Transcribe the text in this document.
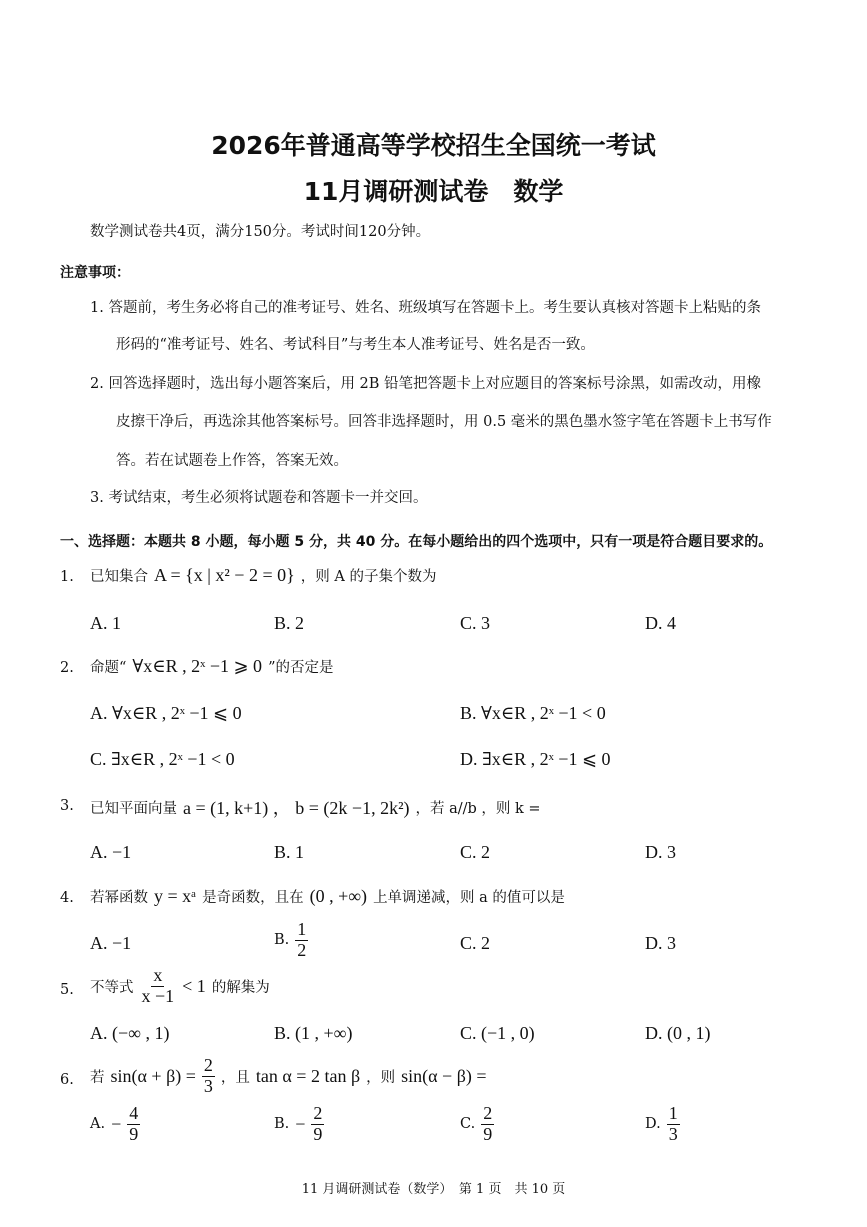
2026年普通高等学校招生全国统一考试
11月调研测试卷　数学
数学测试卷共4页，满分150分。考试时间120分钟。
注意事项：
1. 答题前，考生务必将自己的准考证号、姓名、班级填写在答题卡上。考生要认真核对答题卡上粘贴的条
形码的“准考证号、姓名、考试科目”与考生本人准考证号、姓名是否一致。
2. 回答选择题时，选出每小题答案后，用 2B 铅笔把答题卡上对应题目的答案标号涂黑，如需改动，用橡
皮擦干净后，再选涂其他答案标号。回答非选择题时，用 0.5 毫米的黑色墨水签字笔在答题卡上书写作
答。若在试题卷上作答，答案无效。
3. 考试结束，考生必须将试题卷和答题卡一并交回。
一、选择题：本题共 8 小题，每小题 5 分，共 40 分。在每小题给出的四个选项中，只有一项是符合题目要求的。
1. 已知集合 A = {x | x² − 2 = 0} ，则 A 的子集个数为
A. 1	B. 2	C. 3	D. 4
2. 命题“ ∀x∈R , 2ˣ −1 ⩾ 0 ”的否定是
A. ∀x∈R , 2ˣ −1 ⩽ 0	B. ∀x∈R , 2ˣ −1 < 0
C. ∃x∈R , 2ˣ −1 < 0	D. ∃x∈R , 2ˣ −1 ⩽ 0
3. 已知平面向量 a = (1, k+1) ， b = (2k −1, 2k²) ，若 a//b ，则 k =
A. −1	B. 1	C. 2	D. 3
4. 若幂函数 y = xᵃ 是奇函数，且在 (0 , +∞) 上单调递减，则 a 的值可以是
A. −1	B. $\frac{1}{2}$	C. 2	D. 3
5. 不等式 $\frac{x}{x -1} < 1$ 的解集为
A. (−∞ , 1)	B. (1 , +∞)	C. (−1 , 0)	D. (0 , 1)
6. 若 $\sin(\alpha + \beta) = \frac{2}{3}$ ，且 tan α = 2 tan β ，则 sin(α − β) =
A. − $\frac{4}{9}$	B. − $\frac{2}{9}$	C. $\frac{2}{9}$	D. $\frac{1}{3}$
11 月调研测试卷（数学）　第 1 页　共 10 页
